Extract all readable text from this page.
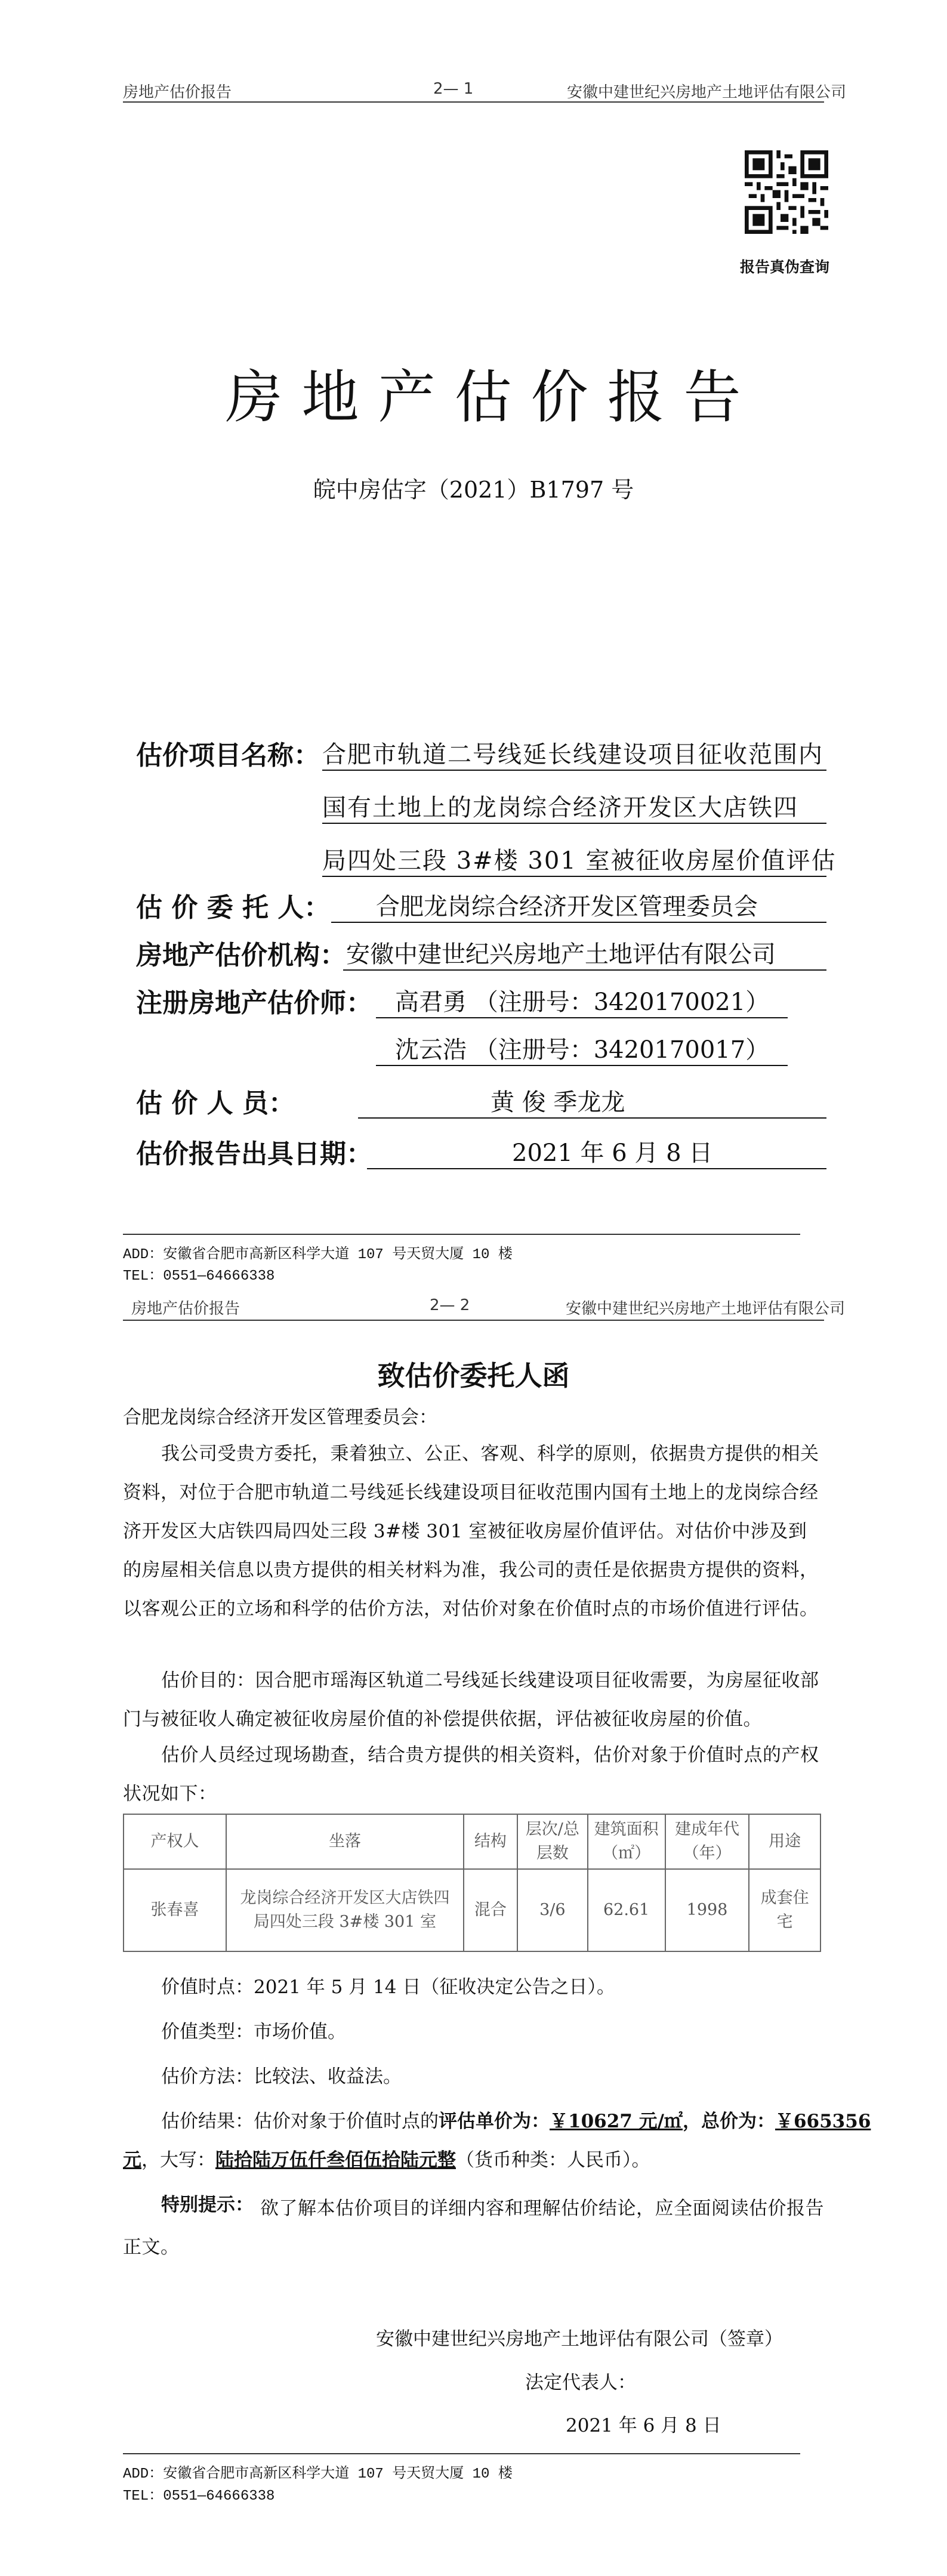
房地产估价报告	2— 1	安徽中建世纪兴房地产土地评估有限公司
报告真伪查询
房地产估价报告
皖中房估字（2021）B1797 号
估价项目名称： 合肥市轨道二号线延长线建设项目征收范围内
国有土地上的龙岗综合经济开发区大店铁四
局四处三段 3#楼 301 室被征收房屋价值评估
估 价 委 托 人： 合肥龙岗综合经济开发区管理委员会
房地产估价机构： 安徽中建世纪兴房地产土地评估有限公司
注册房地产估价师： 高君勇 （注册号：3420170021）
沈云浩 （注册号：3420170017）
估 价 人 员：	黄 俊 季龙龙
估价报告出具日期：	2021 年 6 月 8 日
ADD：安徽省合肥市高新区科学大道 107 号天贸大厦 10 楼
TEL：0551—64666338
房地产估价报告	2— 2	安徽中建世纪兴房地产土地评估有限公司
致估价委托人函
合肥龙岗综合经济开发区管理委员会：
我公司受贵方委托，秉着独立、公正、客观、科学的原则，依据贵方提供的相关资料，对位于合肥市轨道二号线延长线建设项目征收范围内国有土地上的龙岗综合经济开发区大店铁四局四处三段 3#楼 301 室被征收房屋价值评估。对估价中涉及到的房屋相关信息以贵方提供的相关材料为准，我公司的责任是依据贵方提供的资料，以客观公正的立场和科学的估价方法，对估价对象在价值时点的市场价值进行评估。
估价目的：因合肥市瑶海区轨道二号线延长线建设项目征收需要，为房屋征收部门与被征收人确定被征收房屋价值的补偿提供依据，评估被征收房屋的价值。
估价人员经过现场勘查，结合贵方提供的相关资料，估价对象于价值时点的产权状况如下：
产权人	坐落	结构	层次/总层数	建筑面积（㎡）	建成年代（年）	用途
张春喜	龙岗综合经济开发区大店铁四局四处三段 3#楼 301 室	混合	3/6	62.61	1998	成套住宅
价值时点：2021 年 5 月 14 日（征收决定公告之日）。
价值类型：市场价值。
估价方法：比较法、收益法。
估价结果：估价对象于价值时点的评估单价为：￥10627 元/㎡，总价为：￥665356
元，大写：陆拾陆万伍仟叁佰伍拾陆元整（货币种类：人民币）。
特别提示： 欲了解本估价项目的详细内容和理解估价结论，应全面阅读估价报告正文。
安徽中建世纪兴房地产土地评估有限公司（签章）
法定代表人：
2021 年 6 月 8 日
ADD：安徽省合肥市高新区科学大道 107 号天贸大厦 10 楼
TEL：0551—64666338
